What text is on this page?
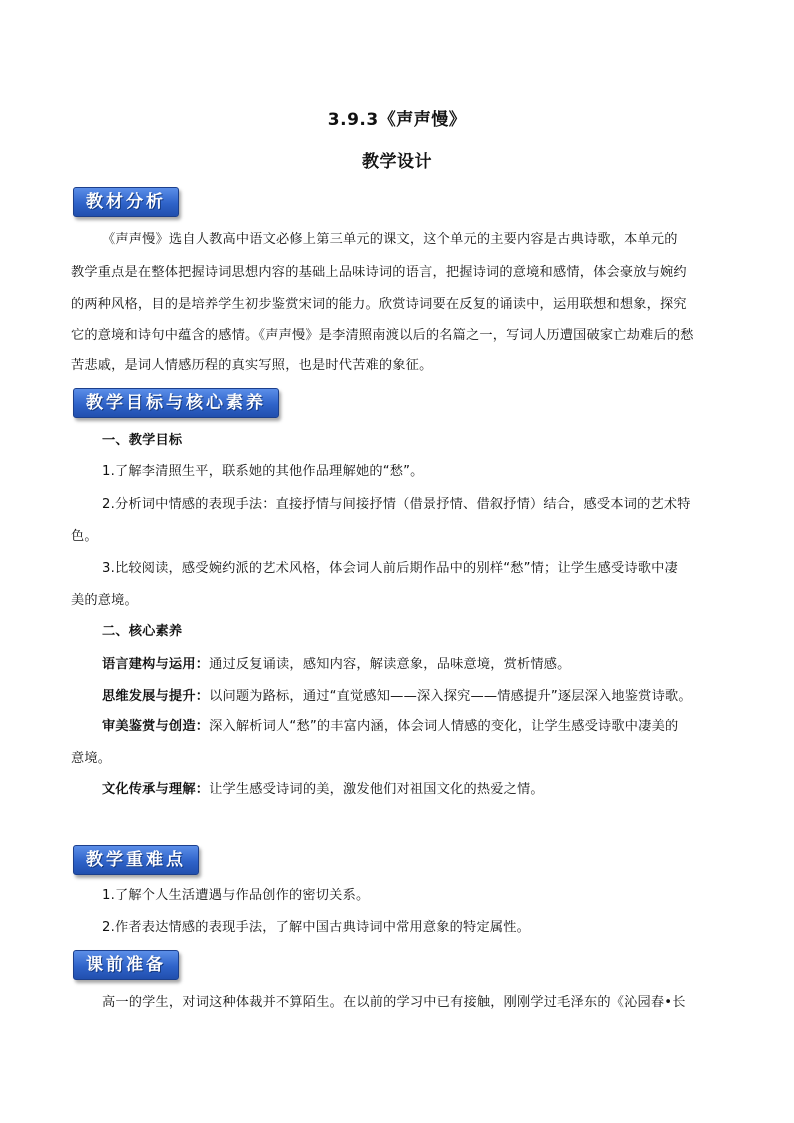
3.9.3《声声慢》
教学设计
教材分析
《声声慢》选自人教高中语文必修上第三单元的课文，这个单元的主要内容是古典诗歌，本单元的
教学重点是在整体把握诗词思想内容的基础上品味诗词的语言，把握诗词的意境和感情，体会豪放与婉约
的两种风格，目的是培养学生初步鉴赏宋词的能力。欣赏诗词要在反复的诵读中，运用联想和想象，探究
它的意境和诗句中蕴含的感情。《声声慢》是李清照南渡以后的名篇之一，写词人历遭国破家亡劫难后的愁
苦悲戚，是词人情感历程的真实写照，也是时代苦难的象征。
教学目标与核心素养
一、教学目标
1.了解李清照生平，联系她的其他作品理解她的“愁”。
2.分析词中情感的表现手法：直接抒情与间接抒情（借景抒情、借叙抒情）结合，感受本词的艺术特
色。
3.比较阅读，感受婉约派的艺术风格，体会词人前后期作品中的别样“愁”情；让学生感受诗歌中凄
美的意境。
二、核心素养
语言建构与运用：通过反复诵读，感知内容，解读意象，品味意境，赏析情感。
思维发展与提升：以问题为路标，通过“直觉感知——深入探究——情感提升”逐层深入地鉴赏诗歌。
审美鉴赏与创造：深入解析词人“愁”的丰富内涵，体会词人情感的变化，让学生感受诗歌中凄美的
意境。
文化传承与理解：让学生感受诗词的美，激发他们对祖国文化的热爱之情。
教学重难点
1.了解个人生活遭遇与作品创作的密切关系。
2.作者表达情感的表现手法，了解中国古典诗词中常用意象的特定属性。
课前准备
高一的学生，对词这种体裁并不算陌生。在以前的学习中已有接触，刚刚学过毛泽东的《沁园春•长
